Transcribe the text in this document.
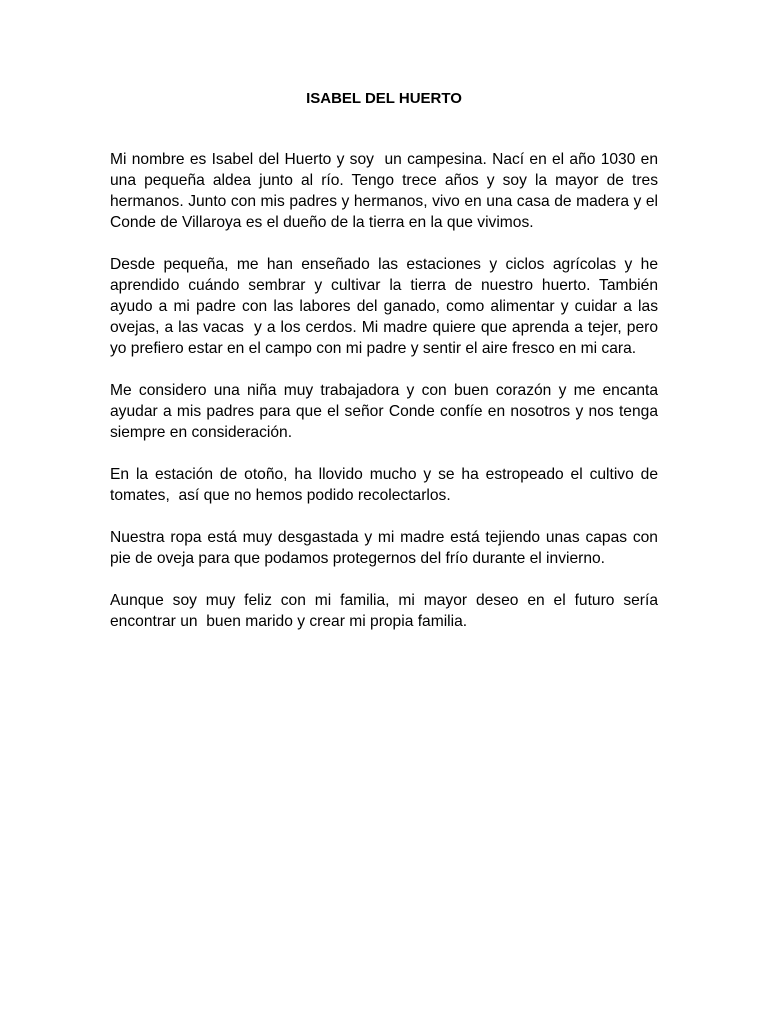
ISABEL DEL HUERTO

Mi nombre es Isabel del Huerto y soy  un campesina. Nací en el año 1030 en una pequeña aldea junto al río. Tengo trece años y soy la mayor de tres hermanos. Junto con mis padres y hermanos, vivo en una casa de madera y el Conde de Villaroya es el dueño de la tierra en la que vivimos.

Desde pequeña, me han enseñado las estaciones y ciclos agrícolas y he aprendido cuándo sembrar y cultivar la tierra de nuestro huerto. También ayudo a mi padre con las labores del ganado, como alimentar y cuidar a las   ovejas, a las vacas  y a los cerdos. Mi madre quiere que aprenda a tejer, pero yo prefiero estar en el campo con mi padre y sentir el aire fresco en mi cara.

Me considero una niña muy trabajadora y con buen corazón y me encanta ayudar a mis padres para que el señor Conde confíe en nosotros y nos tenga siempre en consideración.

En la estación de otoño, ha llovido mucho y se ha estropeado el cultivo de tomates,  así que no hemos podido recolectarlos.

Nuestra ropa está muy desgastada y mi madre está tejiendo unas capas con pie de oveja para que podamos protegernos del frío durante el invierno.

Aunque soy muy feliz con mi familia, mi mayor deseo en el futuro sería encontrar un  buen marido y crear mi propia familia.
